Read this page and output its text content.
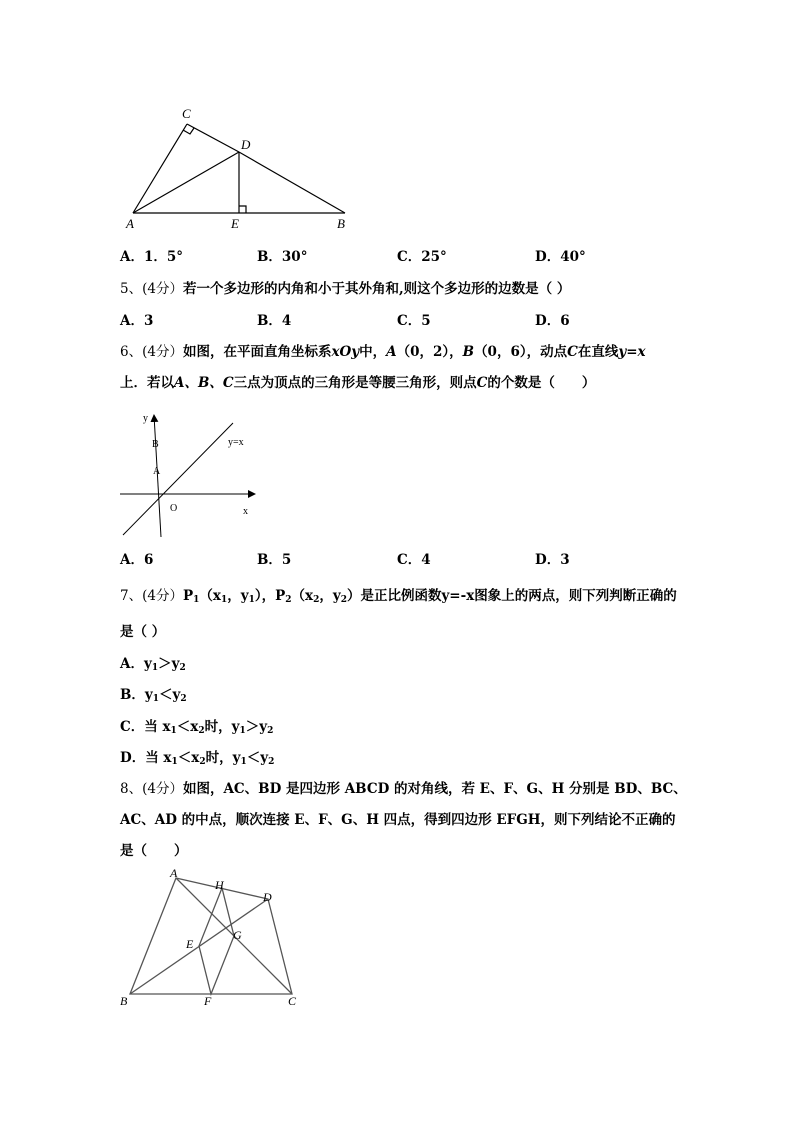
C
D
A	E	B
A．1．5°	B．30°	C．25°	D．40°
5、(4分）若一个多边形的内角和小于其外角和,则这个多边形的边数是（ ）
A．3	B．4	C．5	D．6
6、(4分）如图，在平面直角坐标系xOy中，A（0，2），B（0，6），动点C在直线y=x
上．若以A、B、C三点为顶点的三角形是等腰三角形，则点C的个数是（　　）
y
B
A
O	x
y=x
A．6	B．5	C．4	D．3
7、(4分）$P_1(x_1$，$y_1$），$P_2(x_2$，$y_2$）是正比例函数y=-x图象上的两点，则下列判断正确的
是（ ）
A．$y_1>y_2$
B．$y_1<y_2$
C．当 $x_1<x_2$时，$y_1>y_2$
D．当 $x_1<x_2$时，$y_1<y_2$
8、(4分）如图，AC、BD 是四边形 ABCD 的对角线，若 E、F、G、H 分别是 BD、BC、
AC、AD 的中点，顺次连接 E、F、G、H 四点，得到四边形 EFGH，则下列结论不正确的
是（　　）
A
H
D
E
G
B	F	C
